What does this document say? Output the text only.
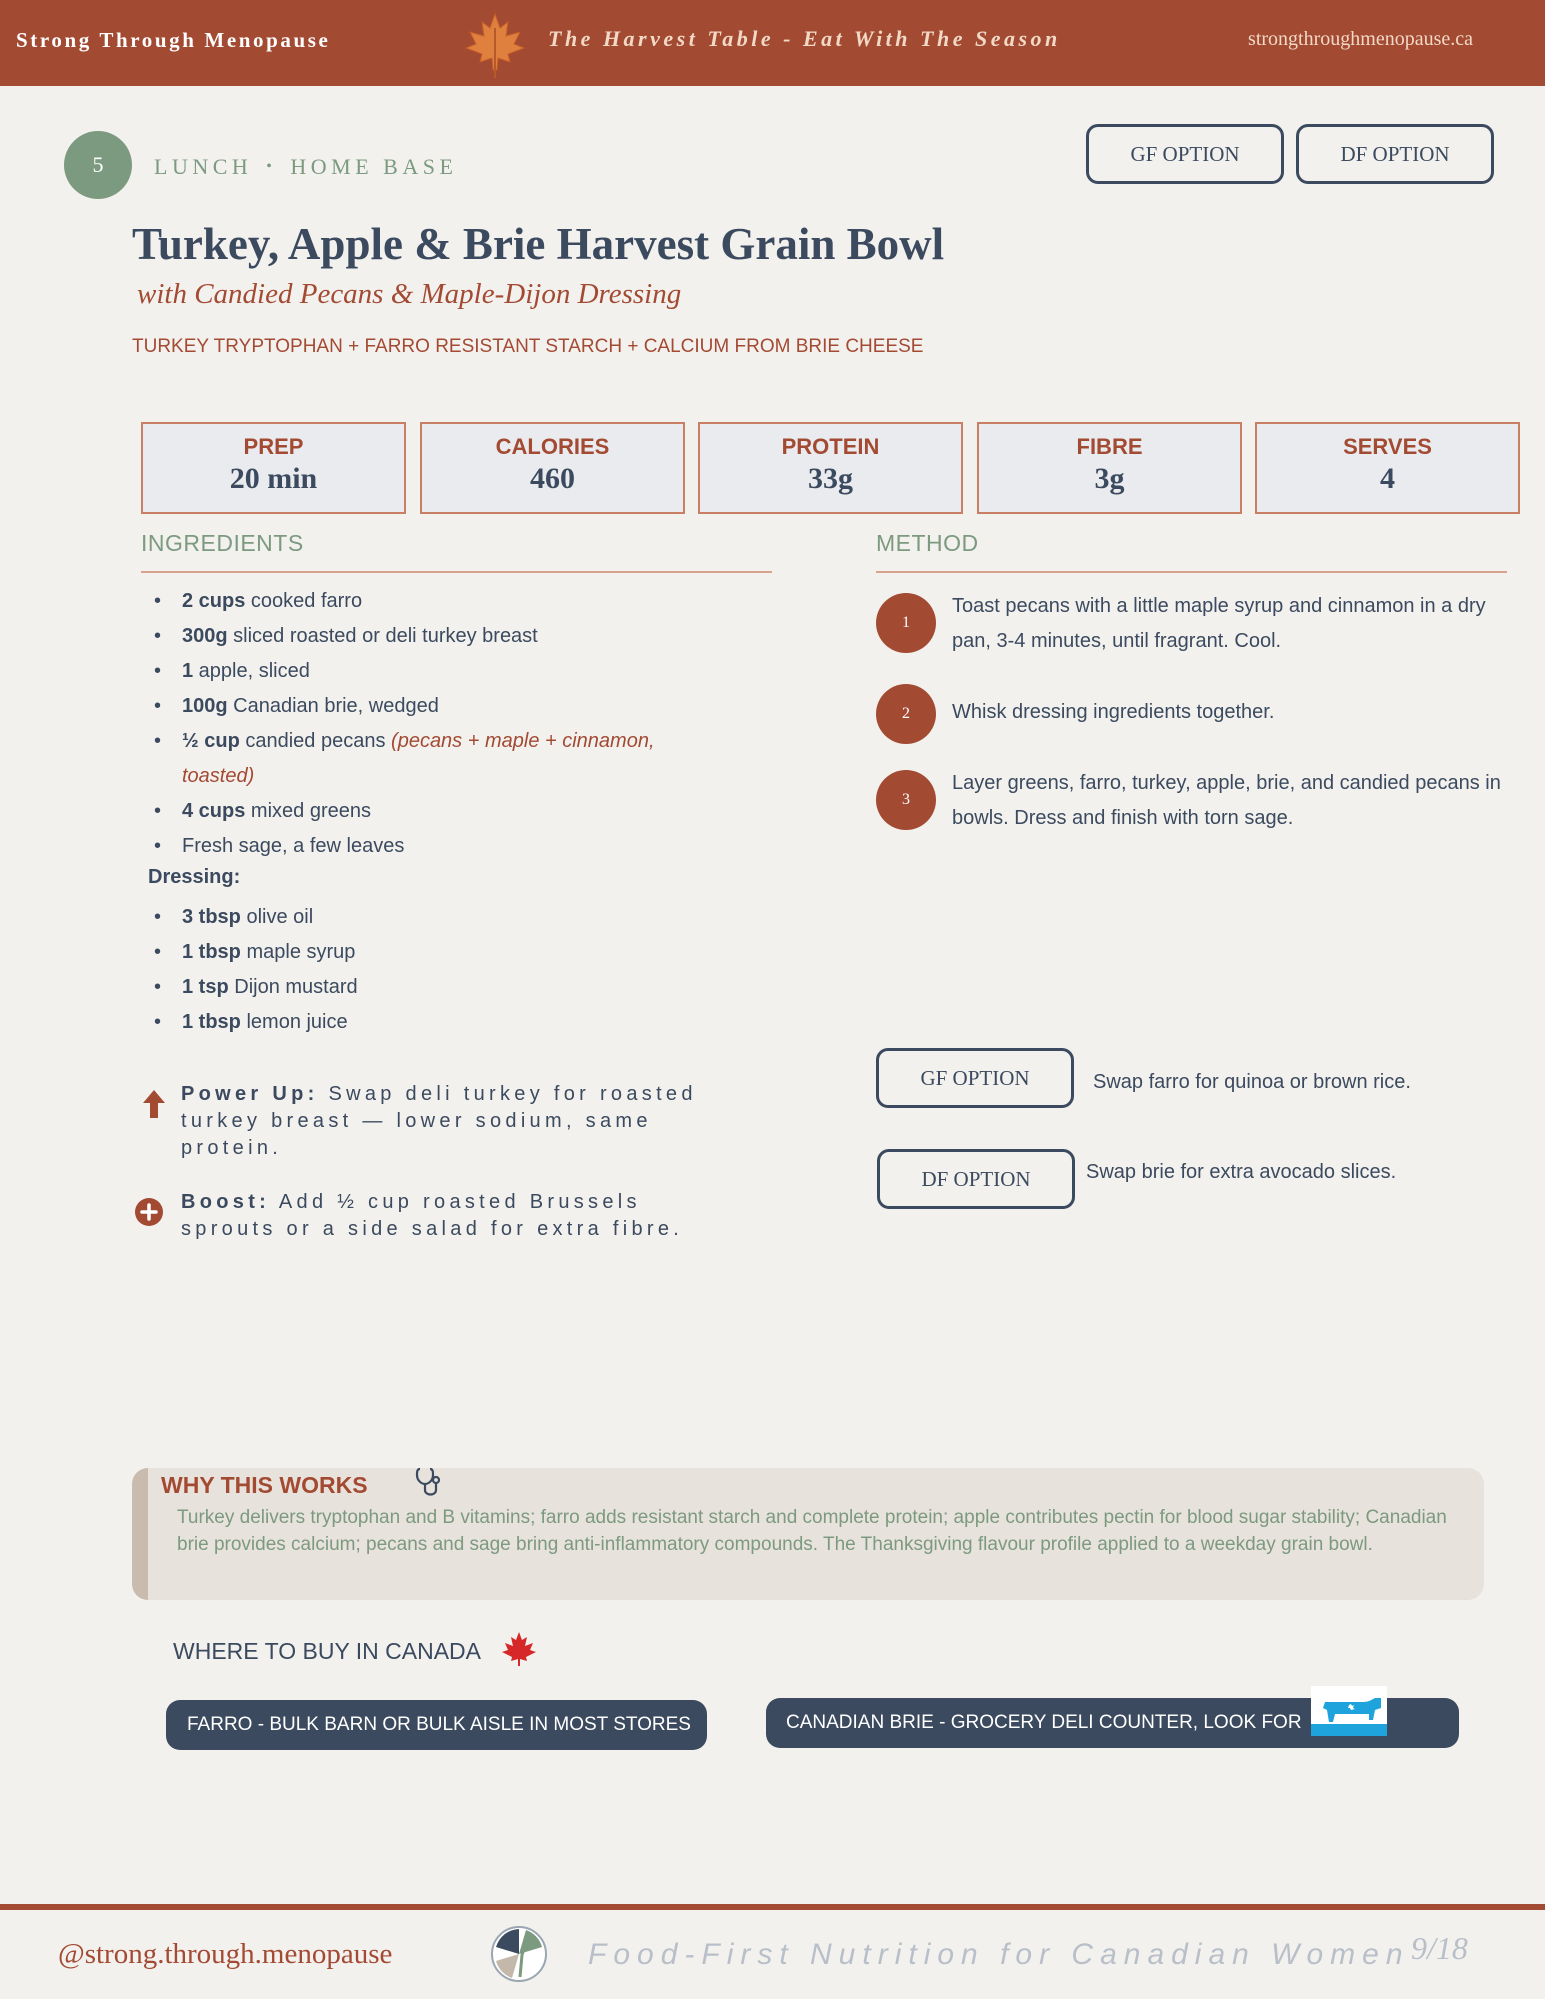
Strong Through Menopause	The Harvest Table - Eat With The Season	strongthroughmenopause.ca
5	LUNCH • HOME BASE
GF OPTION	DF OPTION
Turkey, Apple & Brie Harvest Grain Bowl
with Candied Pecans & Maple-Dijon Dressing
TURKEY TRYPTOPHAN + FARRO RESISTANT STARCH + CALCIUM FROM BRIE CHEESE
PREP
20 min
CALORIES
460
PROTEIN
33g
FIBRE
3g
SERVES
4
INGREDIENTS
• 2 cups cooked farro
• 300g sliced roasted or deli turkey breast
• 1 apple, sliced
• 100g Canadian brie, wedged
• ½ cup candied pecans (pecans + maple + cinnamon, toasted)
• 4 cups mixed greens
• Fresh sage, a few leaves
Dressing:
• 3 tbsp olive oil
• 1 tbsp maple syrup
• 1 tsp Dijon mustard
• 1 tbsp lemon juice
Power Up: Swap deli turkey for roasted turkey breast — lower sodium, same protein.
Boost: Add ½ cup roasted Brussels sprouts or a side salad for extra fibre.
METHOD
1
Toast pecans with a little maple syrup and cinnamon in a dry pan, 3-4 minutes, until fragrant. Cool.
2	Whisk dressing ingredients together.
3
Layer greens, farro, turkey, apple, brie, and candied pecans in bowls. Dress and finish with torn sage.
GF OPTION	Swap farro for quinoa or brown rice.
DF OPTION	Swap brie for extra avocado slices.
WHY THIS WORKS
Turkey delivers tryptophan and B vitamins; farro adds resistant starch and complete protein; apple contributes pectin for blood sugar stability; Canadian brie provides calcium; pecans and sage bring anti-inflammatory compounds. The Thanksgiving flavour profile applied to a weekday grain bowl.
WHERE TO BUY IN CANADA
FARRO - BULK BARN OR BULK AISLE IN MOST STORES	CANADIAN BRIE - GROCERY DELI COUNTER, LOOK FOR
@strong.through.menopause	Food-First Nutrition for Canadian Women 9/18
